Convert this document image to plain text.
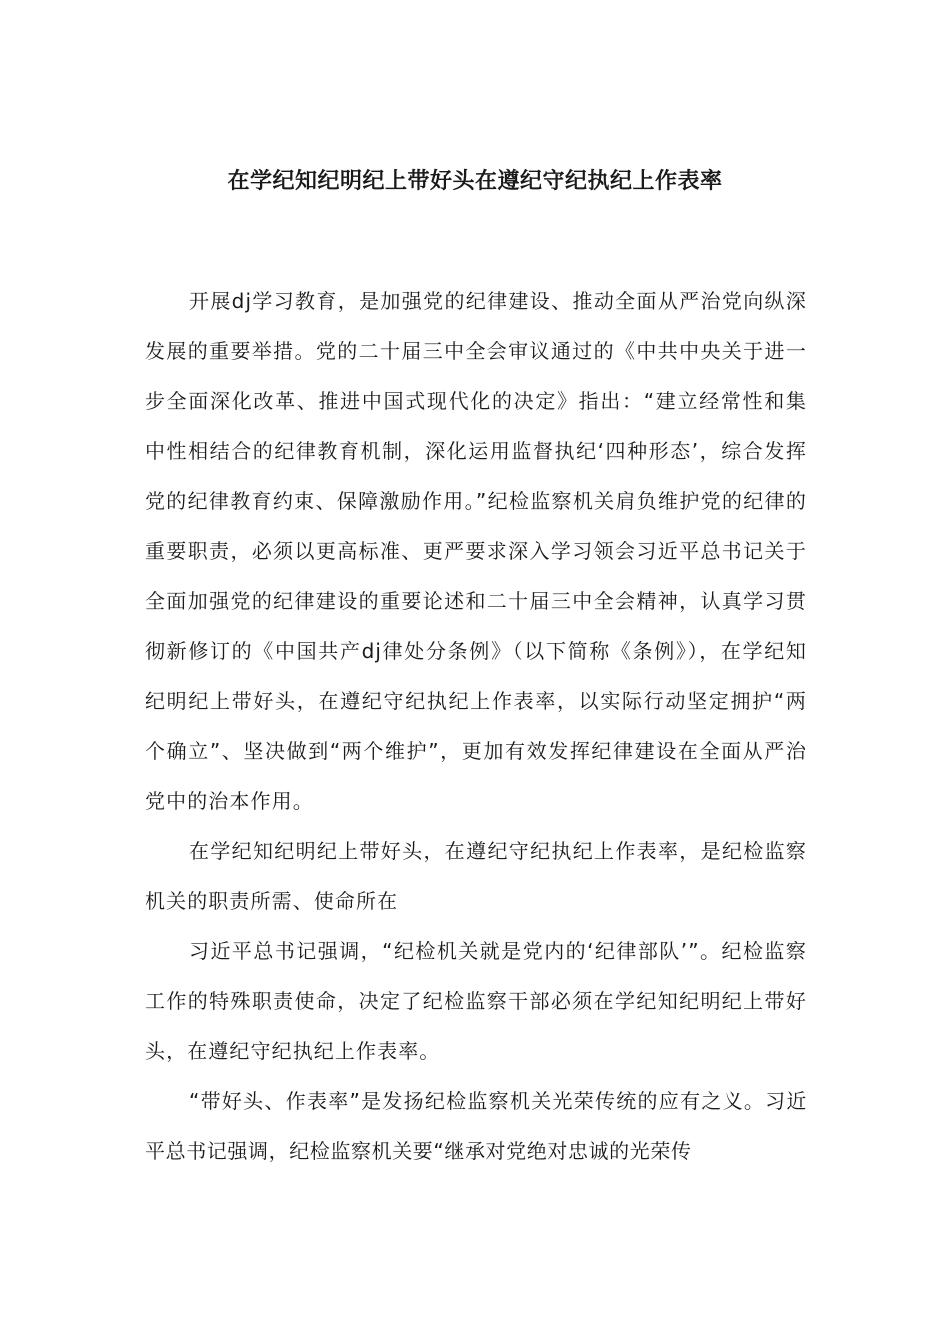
在学纪知纪明纪上带好头在遵纪守纪执纪上作表率

开展dj学习教育，是加强党的纪律建设、推动全面从严治党向纵深发展的重要举措。党的二十届三中全会审议通过的《中共中央关于进一步全面深化改革、推进中国式现代化的决定》指出：“建立经常性和集中性相结合的纪律教育机制，深化运用监督执纪‘四种形态’，综合发挥党的纪律教育约束、保障激励作用。”纪检监察机关肩负维护党的纪律的重要职责，必须以更高标准、更严要求深入学习领会习近平总书记关于全面加强党的纪律建设的重要论述和二十届三中全会精神，认真学习贯彻新修订的《中国共产dj律处分条例》（以下简称《条例》），在学纪知纪明纪上带好头，在遵纪守纪执纪上作表率，以实际行动坚定拥护“两个确立”、坚决做到“两个维护”，更加有效发挥纪律建设在全面从严治党中的治本作用。

在学纪知纪明纪上带好头，在遵纪守纪执纪上作表率，是纪检监察机关的职责所需、使命所在

习近平总书记强调，“纪检机关就是党内的‘纪律部队’”。纪检监察工作的特殊职责使命，决定了纪检监察干部必须在学纪知纪明纪上带好头，在遵纪守纪执纪上作表率。

“带好头、作表率”是发扬纪检监察机关光荣传统的应有之义。习近平总书记强调，纪检监察机关要“继承对党绝对忠诚的光荣传
